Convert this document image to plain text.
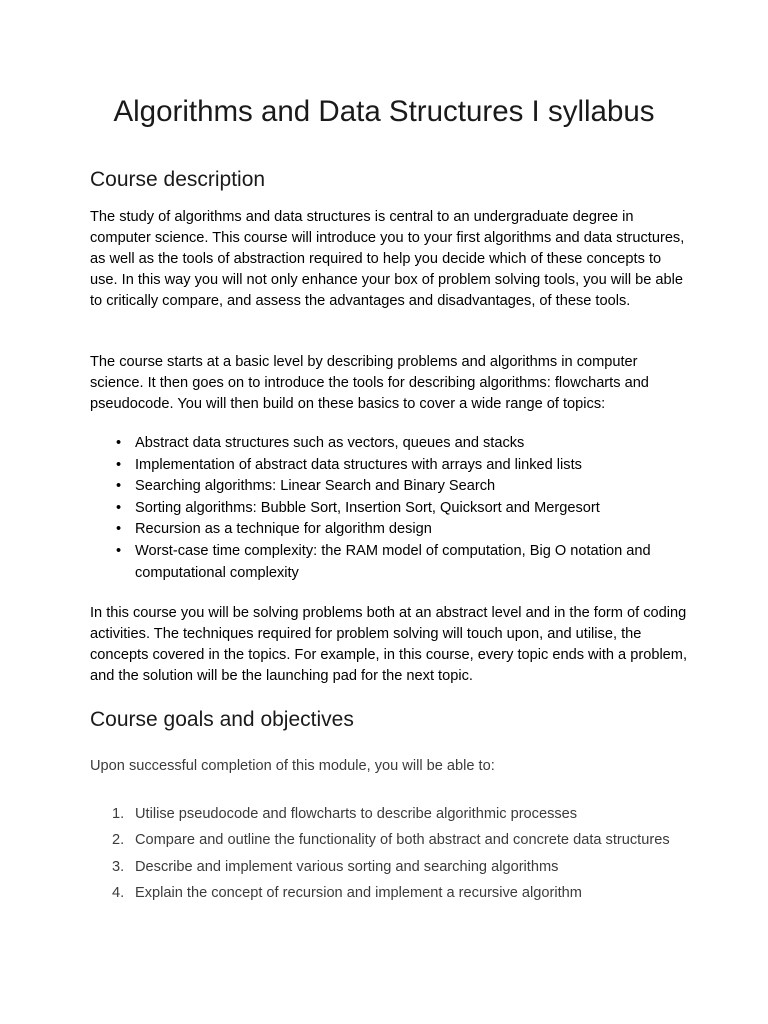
Algorithms and Data Structures I syllabus
Course description

The study of algorithms and data structures is central to an undergraduate degree in computer science. This course will introduce you to your first algorithms and data structures, as well as the tools of abstraction required to help you decide which of these concepts to use. In this way you will not only enhance your box of problem solving tools, you will be able to critically compare, and assess the advantages and disadvantages, of these tools.

The course starts at a basic level by describing problems and algorithms in computer science. It then goes on to introduce the tools for describing algorithms: flowcharts and pseudocode. You will then build on these basics to cover a wide range of topics:

• Abstract data structures such as vectors, queues and stacks
• Implementation of abstract data structures with arrays and linked lists
• Searching algorithms: Linear Search and Binary Search
• Sorting algorithms: Bubble Sort, Insertion Sort, Quicksort and Mergesort
• Recursion as a technique for algorithm design
• Worst-case time complexity: the RAM model of computation, Big O notation and computational complexity

In this course you will be solving problems both at an abstract level and in the form of coding activities. The techniques required for problem solving will touch upon, and utilise, the concepts covered in the topics. For example, in this course, every topic ends with a problem, and the solution will be the launching pad for the next topic.

Course goals and objectives

Upon successful completion of this module, you will be able to:

1. Utilise pseudocode and flowcharts to describe algorithmic processes
2. Compare and outline the functionality of both abstract and concrete data structures
3. Describe and implement various sorting and searching algorithms
4. Explain the concept of recursion and implement a recursive algorithm
